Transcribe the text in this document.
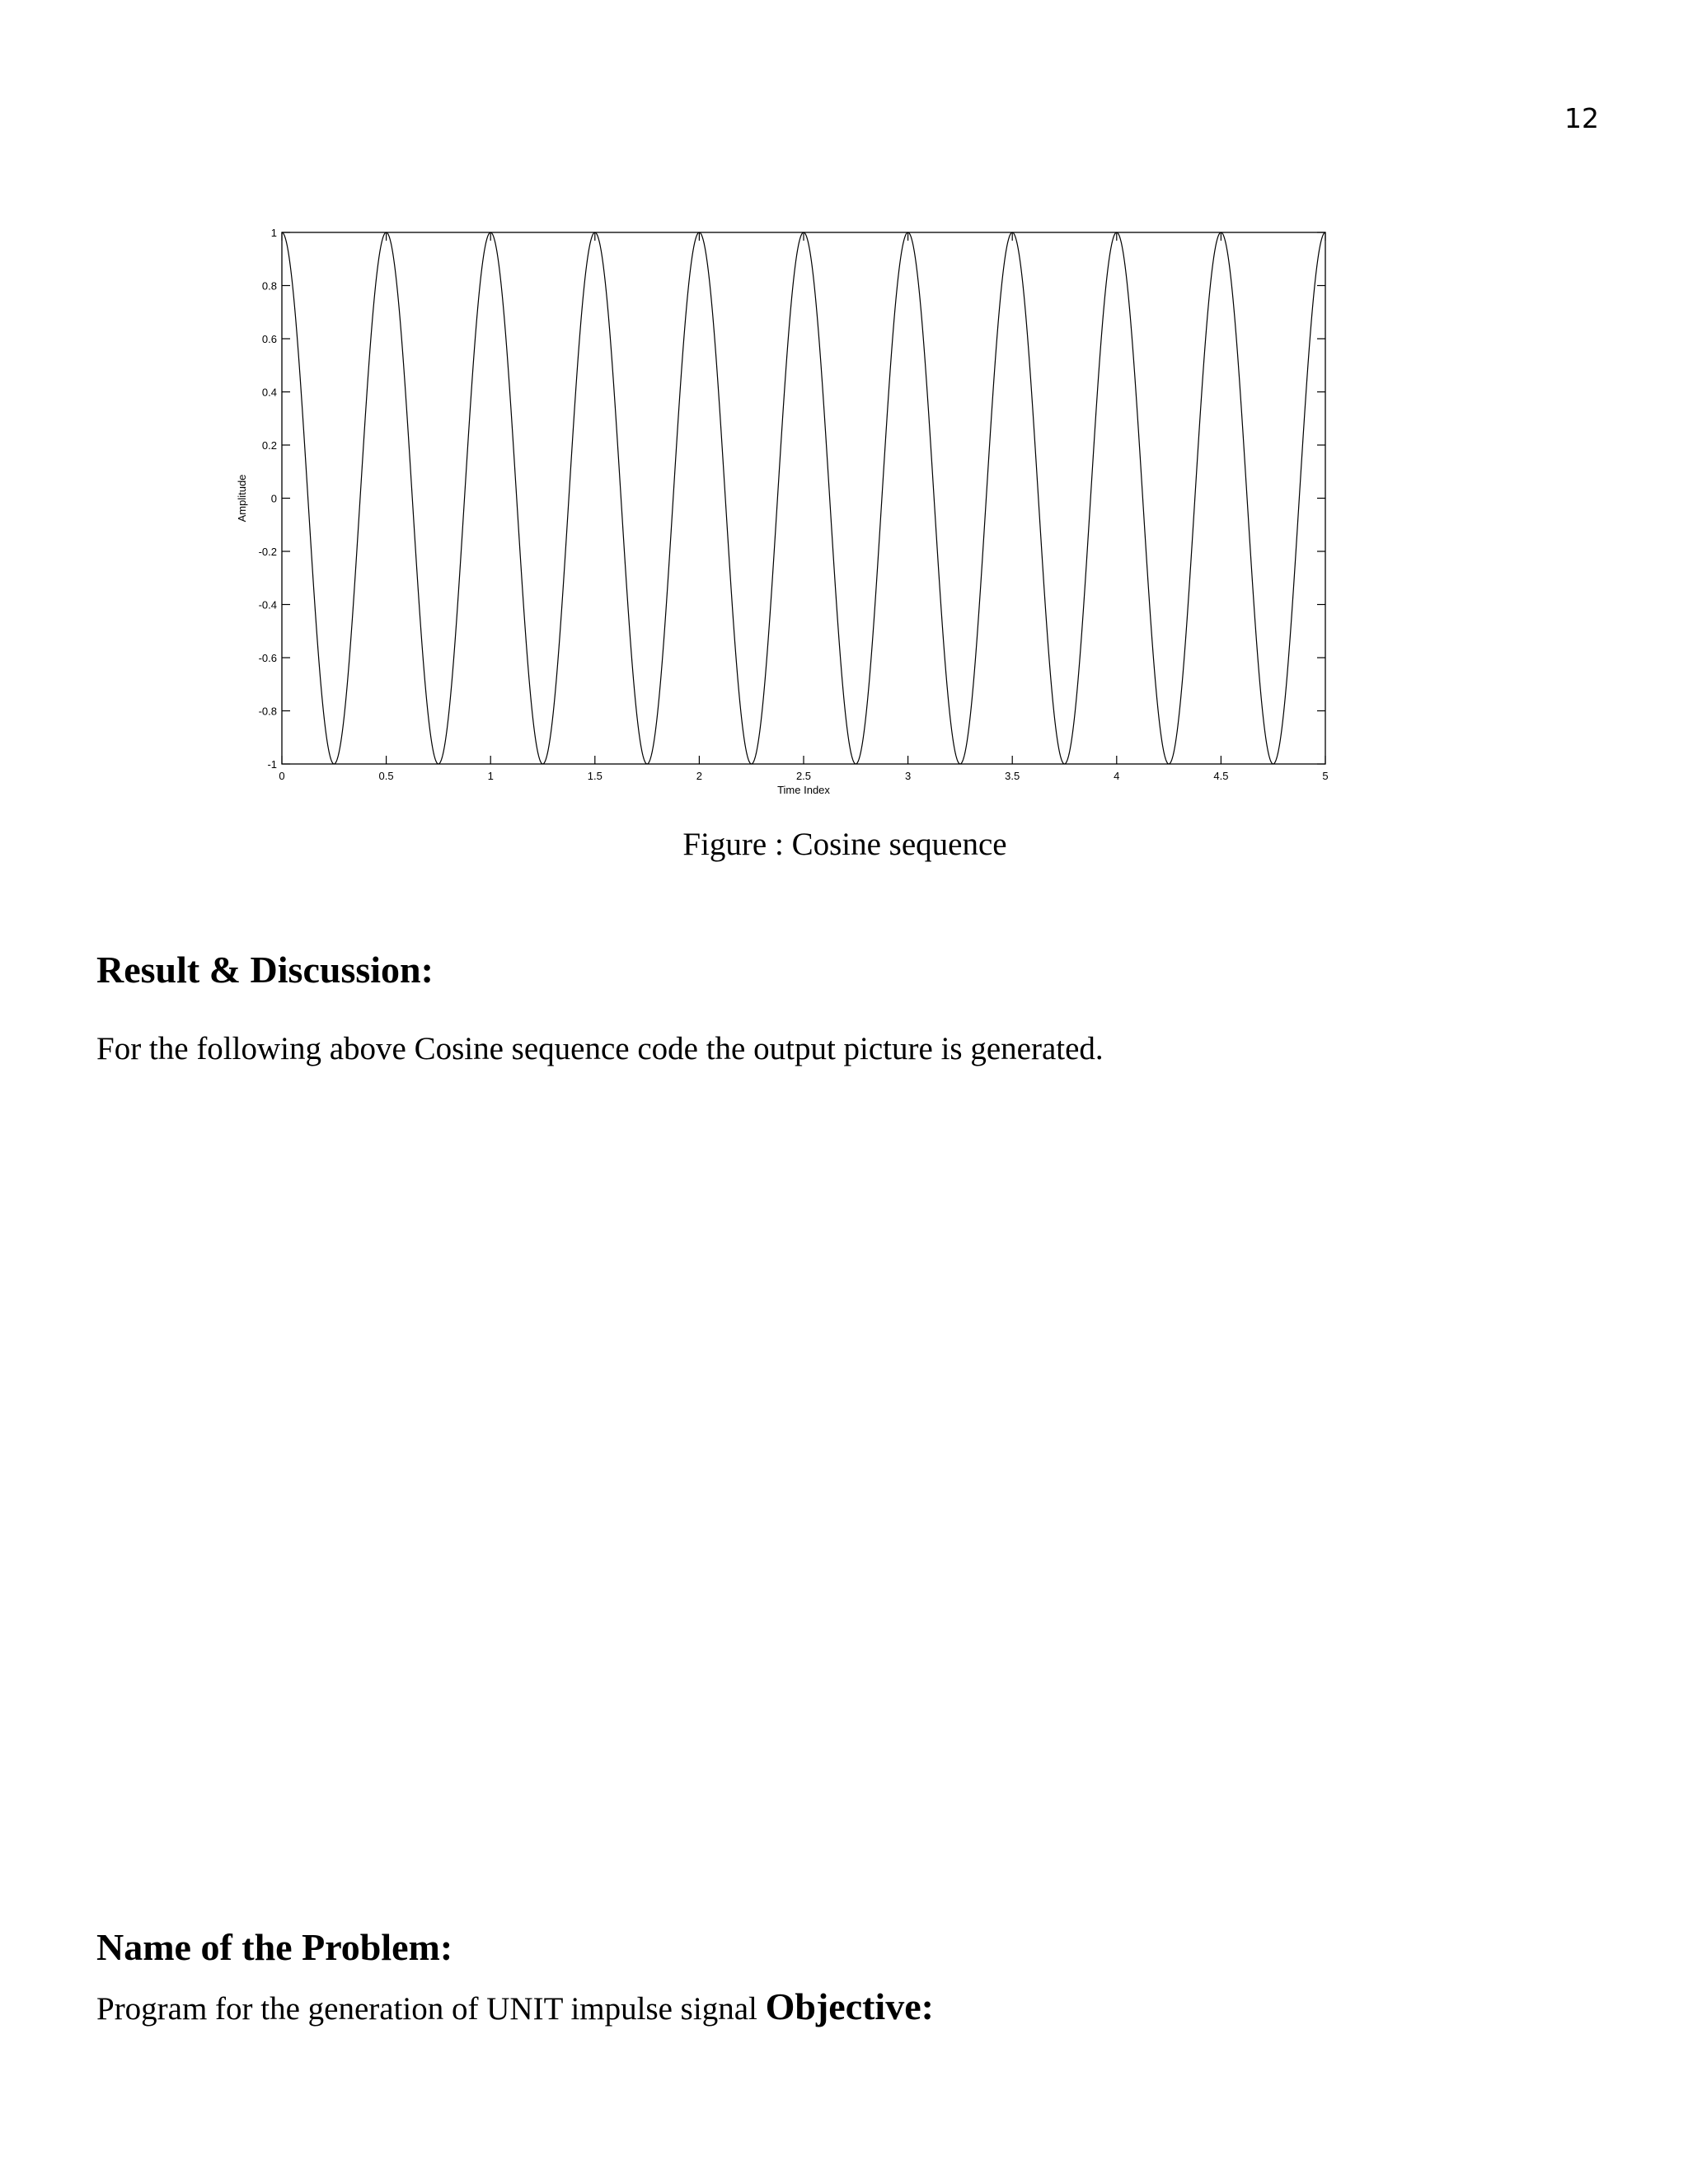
12
1
0.8
0.6
0.4
0.2
0
-0.2
-0.4
-0.6
-0.8
-1
0	0.5	1	1.5	2	2.5	3	3.5	4	4.5	5
Time Index
Amplitude
Figure : Cosine sequence
Result & Discussion:
For the following above Cosine sequence code the output picture is generated.
Name of the Problem:
Program for the generation of UNIT impulse signal Objective:
